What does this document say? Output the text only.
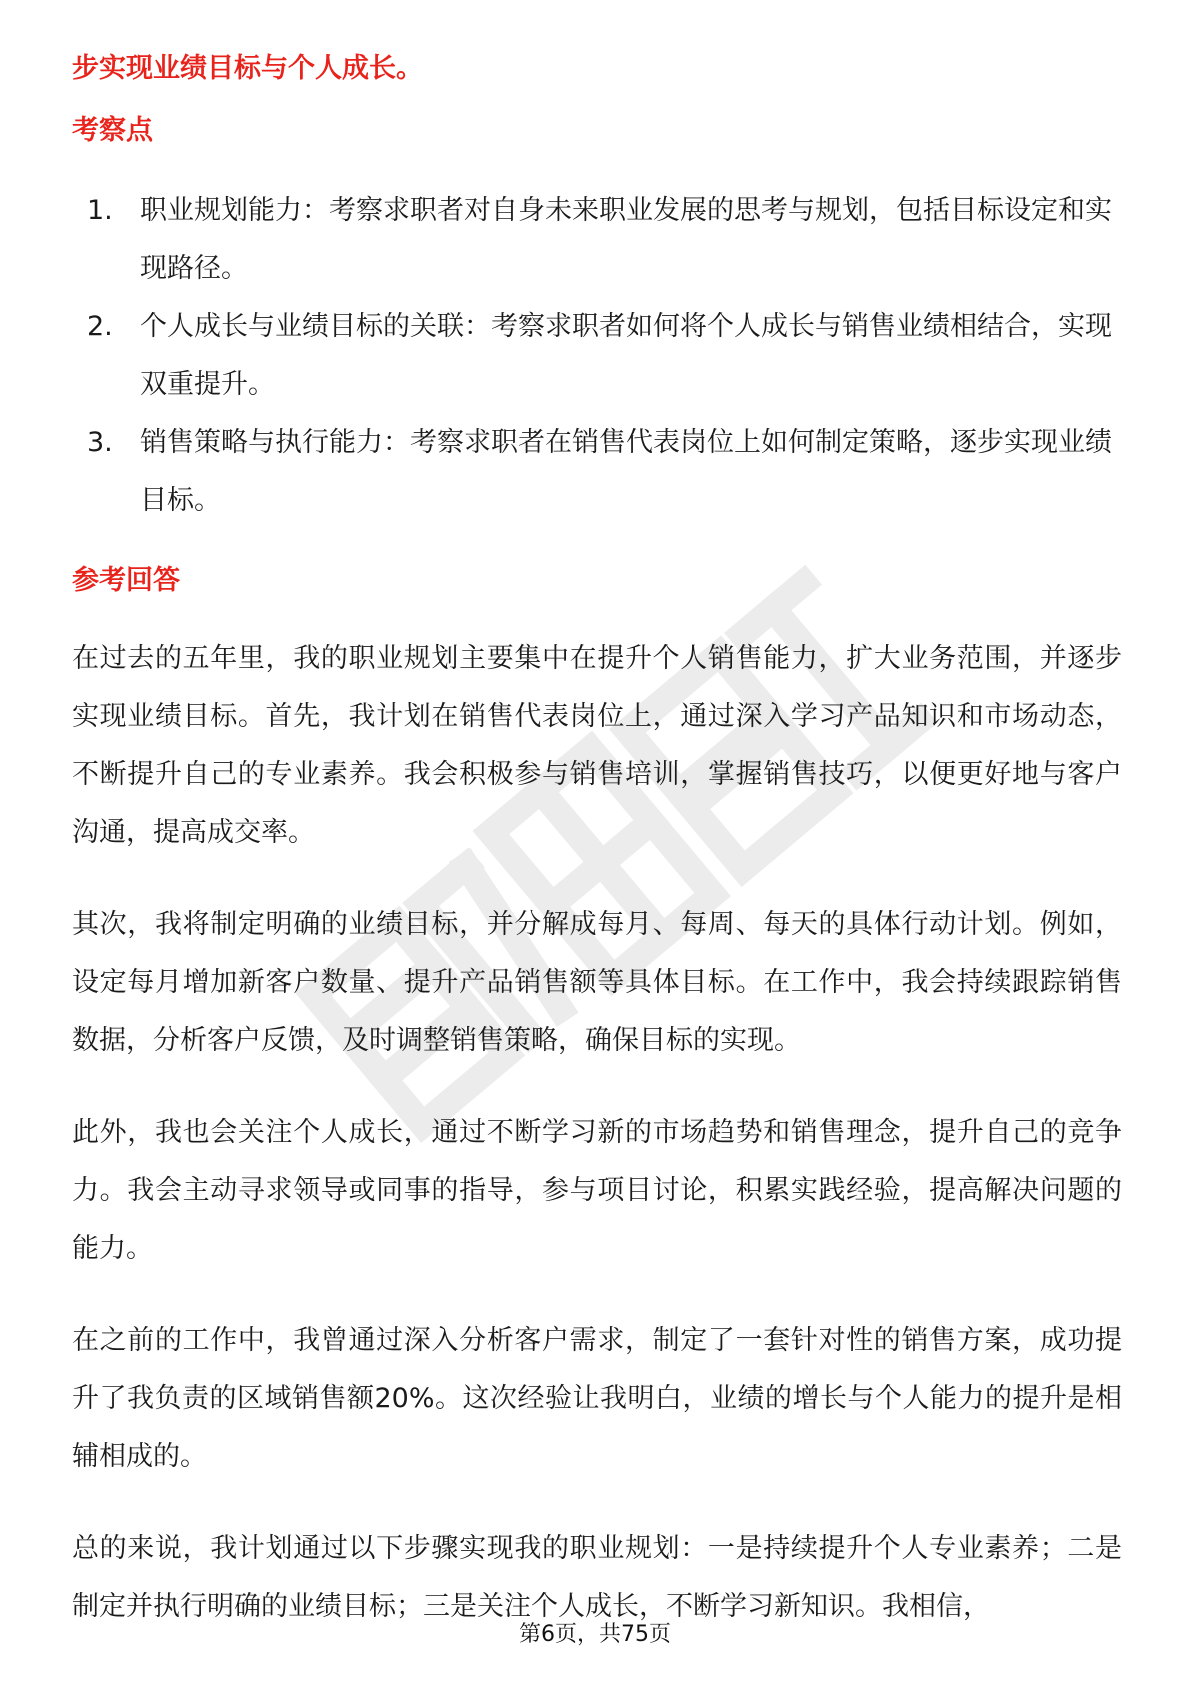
职场密码

步实现业绩目标与个人成长。

考察点
1.	职业规划能力：考察求职者对自身未来职业发展的思考与规划，包括目标设定和实现路径。
2.	个人成长与业绩目标的关联：考察求职者如何将个人成长与销售业绩相结合，实现双重提升。
3.	销售策略与执行能力：考察求职者在销售代表岗位上如何制定策略，逐步实现业绩目标。
参考回答

在过去的五年里，我的职业规划主要集中在提升个人销售能力，扩大业务范围，并逐步实现业绩目标。首先，我计划在销售代表岗位上，通过深入学习产品知识和市场动态，不断提升自己的专业素养。我会积极参与销售培训，掌握销售技巧，以便更好地与客户沟通，提高成交率。

其次，我将制定明确的业绩目标，并分解成每月、每周、每天的具体行动计划。例如，设定每月增加新客户数量、提升产品销售额等具体目标。在工作中，我会持续跟踪销售数据，分析客户反馈，及时调整销售策略，确保目标的实现。

此外，我也会关注个人成长，通过不断学习新的市场趋势和销售理念，提升自己的竞争力。我会主动寻求领导或同事的指导，参与项目讨论，积累实践经验，提高解决问题的能力。

在之前的工作中，我曾通过深入分析客户需求，制定了一套针对性的销售方案，成功提升了我负责的区域销售额20%。这次经验让我明白，业绩的增长与个人能力的提升是相辅相成的。

总的来说，我计划通过以下步骤实现我的职业规划：一是持续提升个人专业素养；二是制定并执行明确的业绩目标；三是关注个人成长，不断学习新知识。我相信，

第6页，共75页
